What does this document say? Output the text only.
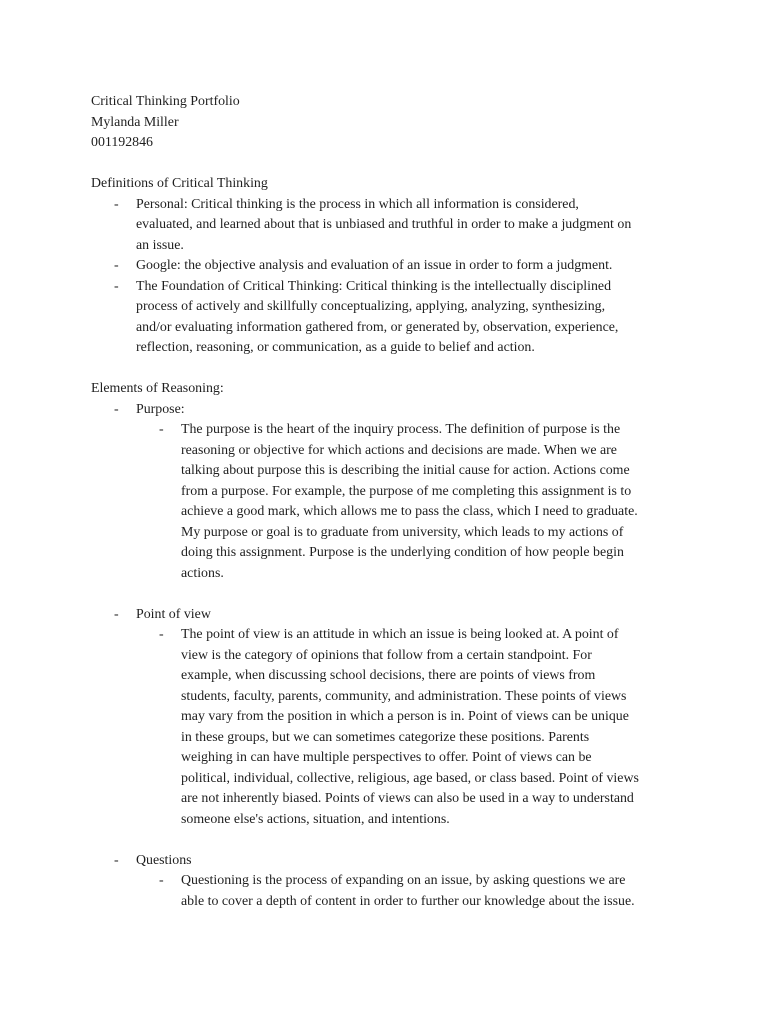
Critical Thinking Portfolio
Mylanda Miller
001192846
Definitions of Critical Thinking
- Personal: Critical thinking is the process in which all information is considered,
evaluated, and learned about that is unbiased and truthful in order to make a judgment on
an issue.
- Google: the objective analysis and evaluation of an issue in order to form a judgment.
- The Foundation of Critical Thinking: Critical thinking is the intellectually disciplined
process of actively and skillfully conceptualizing, applying, analyzing, synthesizing,
and/or evaluating information gathered from, or generated by, observation, experience,
reflection, reasoning, or communication, as a guide to belief and action.
Elements of Reasoning:
- Purpose:
- The purpose is the heart of the inquiry process. The definition of purpose is the
reasoning or objective for which actions and decisions are made. When we are
talking about purpose this is describing the initial cause for action. Actions come
from a purpose. For example, the purpose of me completing this assignment is to
achieve a good mark, which allows me to pass the class, which I need to graduate.
My purpose or goal is to graduate from university, which leads to my actions of
doing this assignment. Purpose is the underlying condition of how people begin
actions.
- Point of view
- The point of view is an attitude in which an issue is being looked at. A point of
view is the category of opinions that follow from a certain standpoint. For
example, when discussing school decisions, there are points of views from
students, faculty, parents, community, and administration. These points of views
may vary from the position in which a person is in. Point of views can be unique
in these groups, but we can sometimes categorize these positions. Parents
weighing in can have multiple perspectives to offer. Point of views can be
political, individual, collective, religious, age based, or class based. Point of views
are not inherently biased. Points of views can also be used in a way to understand
someone else's actions, situation, and intentions.
- Questions
- Questioning is the process of expanding on an issue, by asking questions we are
able to cover a depth of content in order to further our knowledge about the issue.
